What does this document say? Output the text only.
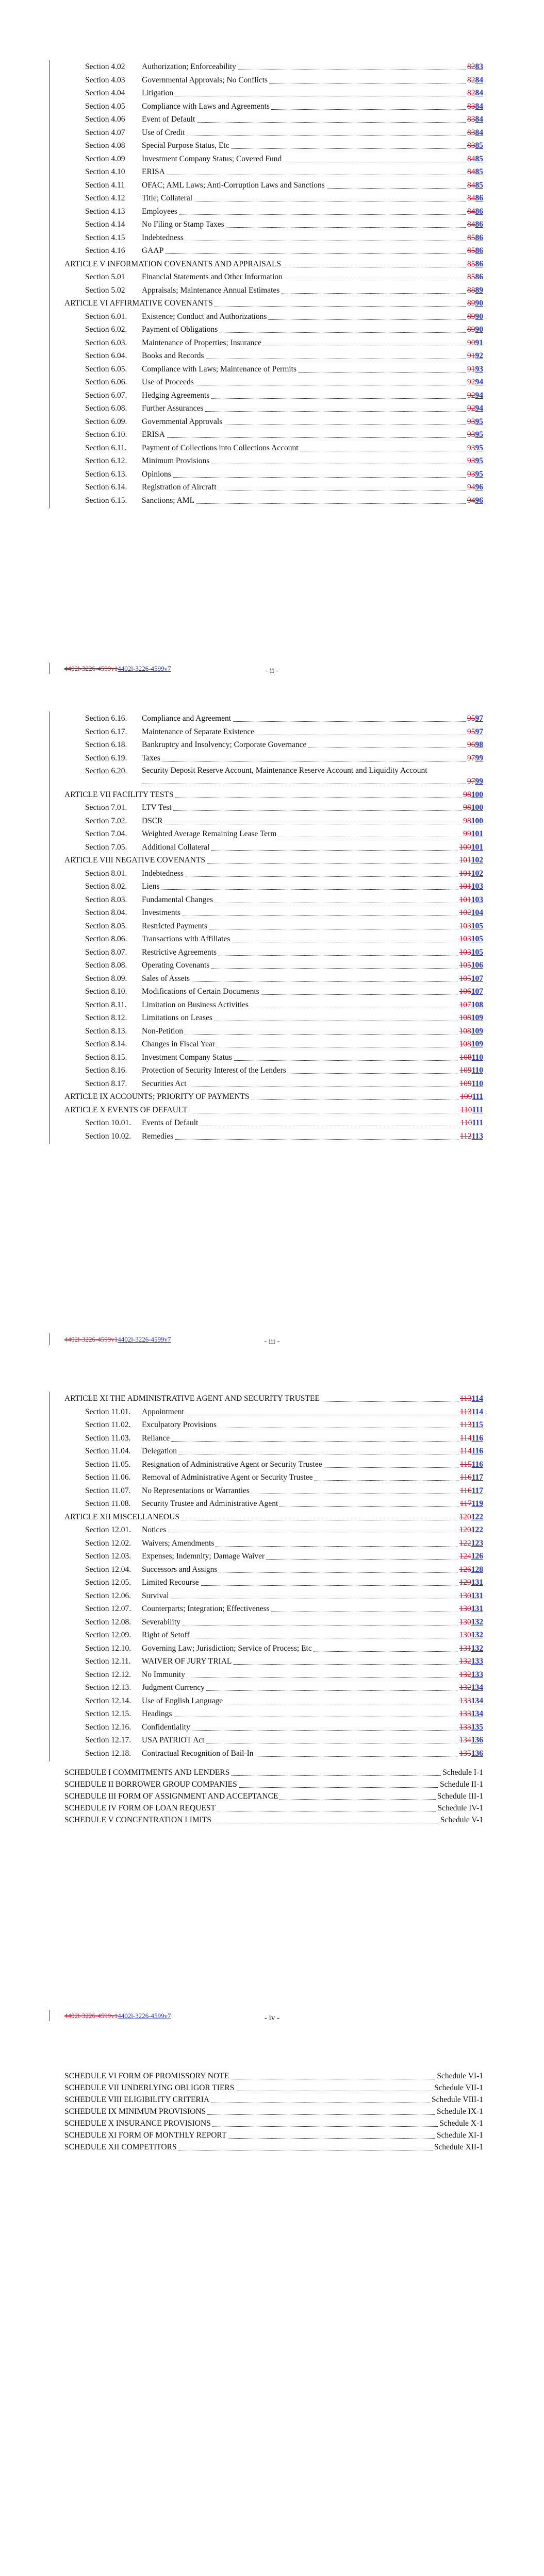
Section 4.02 Authorization; Enforceability	8283
Section 4.03 Governmental Approvals; No Conflicts	8284
Section 4.04 Litigation	8284
Section 4.05 Compliance with Laws and Agreements	8384
Section 4.06 Event of Default	8384
Section 4.07 Use of Credit	8384
Section 4.08 Special Purpose Status, Etc	8385
Section 4.09 Investment Company Status; Covered Fund	8485
Section 4.10 ERISA	8485
Section 4.11 OFAC; AML Laws; Anti-Corruption Laws and Sanctions	8485
Section 4.12 Title; Collateral	8486
Section 4.13 Employees	8486
Section 4.14 No Filing or Stamp Taxes	8486
Section 4.15 Indebtedness	8586
Section 4.16 GAAP	8586
ARTICLE V INFORMATION COVENANTS AND APPRAISALS	8586
Section 5.01 Financial Statements and Other Information	8586
Section 5.02 Appraisals; Maintenance Annual Estimates	8889
ARTICLE VI AFFIRMATIVE COVENANTS	8990
Section 6.01. Existence; Conduct and Authorizations	8990
Section 6.02. Payment of Obligations	8990
Section 6.03. Maintenance of Properties; Insurance	9091
Section 6.04. Books and Records	9192
Section 6.05. Compliance with Laws; Maintenance of Permits	9193
Section 6.06. Use of Proceeds	9294
Section 6.07. Hedging Agreements	9294
Section 6.08. Further Assurances	9294
Section 6.09. Governmental Approvals	9395
Section 6.10. ERISA	9395
Section 6.11. Payment of Collections into Collections Account	9395
Section 6.12. Minimum Provisions	9395
Section 6.13. Opinions	9395
Section 6.14. Registration of Aircraft	9496
Section 6.15. Sanctions; AML	9496
4402l-3226-4599v14402l-3226-4599v7	- ii -
Section 6.16. Compliance and Agreement	9597
Section 6.17. Maintenance of Separate Existence	9597
Section 6.18. Bankruptcy and Insolvency; Corporate Governance	9698
Section 6.19. Taxes	9799
Section 6.20. Security Deposit Reserve Account, Maintenance Reserve Account and Liquidity Account
9799
ARTICLE VII FACILITY TESTS	98100
Section 7.01. LTV Test	98100
Section 7.02. DSCR	98100
Section 7.04. Weighted Average Remaining Lease Term	99101
Section 7.05. Additional Collateral	100101
ARTICLE VIII NEGATIVE COVENANTS	101102
Section 8.01. Indebtedness	101102
Section 8.02. Liens	101103
Section 8.03. Fundamental Changes	101103
Section 8.04. Investments	102104
Section 8.05. Restricted Payments	103105
Section 8.06. Transactions with Affiliates	103105
Section 8.07. Restrictive Agreements	103105
Section 8.08. Operating Covenants	105106
Section 8.09. Sales of Assets	105107
Section 8.10. Modifications of Certain Documents	106107
Section 8.11. Limitation on Business Activities	107108
Section 8.12. Limitations on Leases	108109
Section 8.13. Non-Petition	108109
Section 8.14. Changes in Fiscal Year	108109
Section 8.15. Investment Company Status	108110
Section 8.16. Protection of Security Interest of the Lenders	109110
Section 8.17. Securities Act	109110
ARTICLE IX ACCOUNTS; PRIORITY OF PAYMENTS	109111
ARTICLE X EVENTS OF DEFAULT	110111
Section 10.01. Events of Default	110111
Section 10.02. Remedies	112113
4402l-3226-4599v14402l-3226-4599v7	- iii -
ARTICLE XI THE ADMINISTRATIVE AGENT AND SECURITY TRUSTEE	113114
Section 11.01. Appointment	113114
Section 11.02. Exculpatory Provisions	113115
Section 11.03. Reliance	114116
Section 11.04. Delegation	114116
Section 11.05. Resignation of Administrative Agent or Security Trustee	115116
Section 11.06. Removal of Administrative Agent or Security Trustee	116117
Section 11.07. No Representations or Warranties	116117
Section 11.08. Security Trustee and Administrative Agent	117119
ARTICLE XII MISCELLANEOUS	120122
Section 12.01. Notices	120122
Section 12.02. Waivers; Amendments	122123
Section 12.03. Expenses; Indemnity; Damage Waiver	124126
Section 12.04. Successors and Assigns	126128
Section 12.05. Limited Recourse	129131
Section 12.06. Survival	130131
Section 12.07. Counterparts; Integration; Effectiveness	130131
Section 12.08. Severability	130132
Section 12.09. Right of Setoff	130132
Section 12.10. Governing Law; Jurisdiction; Service of Process; Etc	131132
Section 12.11. WAIVER OF JURY TRIAL	132133
Section 12.12. No Immunity	132133
Section 12.13. Judgment Currency	132134
Section 12.14. Use of English Language	133134
Section 12.15. Headings	133134
Section 12.16. Confidentiality	133135
Section 12.17. USA PATRIOT Act	134136
Section 12.18. Contractual Recognition of Bail-In	135136
SCHEDULE I COMMITMENTS AND LENDERS	Schedule I-1
SCHEDULE II BORROWER GROUP COMPANIES	Schedule II-1
SCHEDULE III FORM OF ASSIGNMENT AND ACCEPTANCE	Schedule III-1
SCHEDULE IV FORM OF LOAN REQUEST	Schedule IV-1
SCHEDULE V CONCENTRATION LIMITS	Schedule V-1
4402l-3226-4599v14402l-3226-4599v7	- iv -
SCHEDULE VI FORM OF PROMISSORY NOTE	Schedule VI-1
SCHEDULE VII UNDERLYING OBLIGOR TIERS	Schedule VII-1
SCHEDULE VIII ELIGIBILITY CRITERIA	Schedule VIII-1
SCHEDULE IX MINIMUM PROVISIONS	Schedule IX-1
SCHEDULE X INSURANCE PROVISIONS	Schedule X-1
SCHEDULE XI FORM OF MONTHLY REPORT	Schedule XI-1
SCHEDULE XII COMPETITORS	Schedule XII-1
